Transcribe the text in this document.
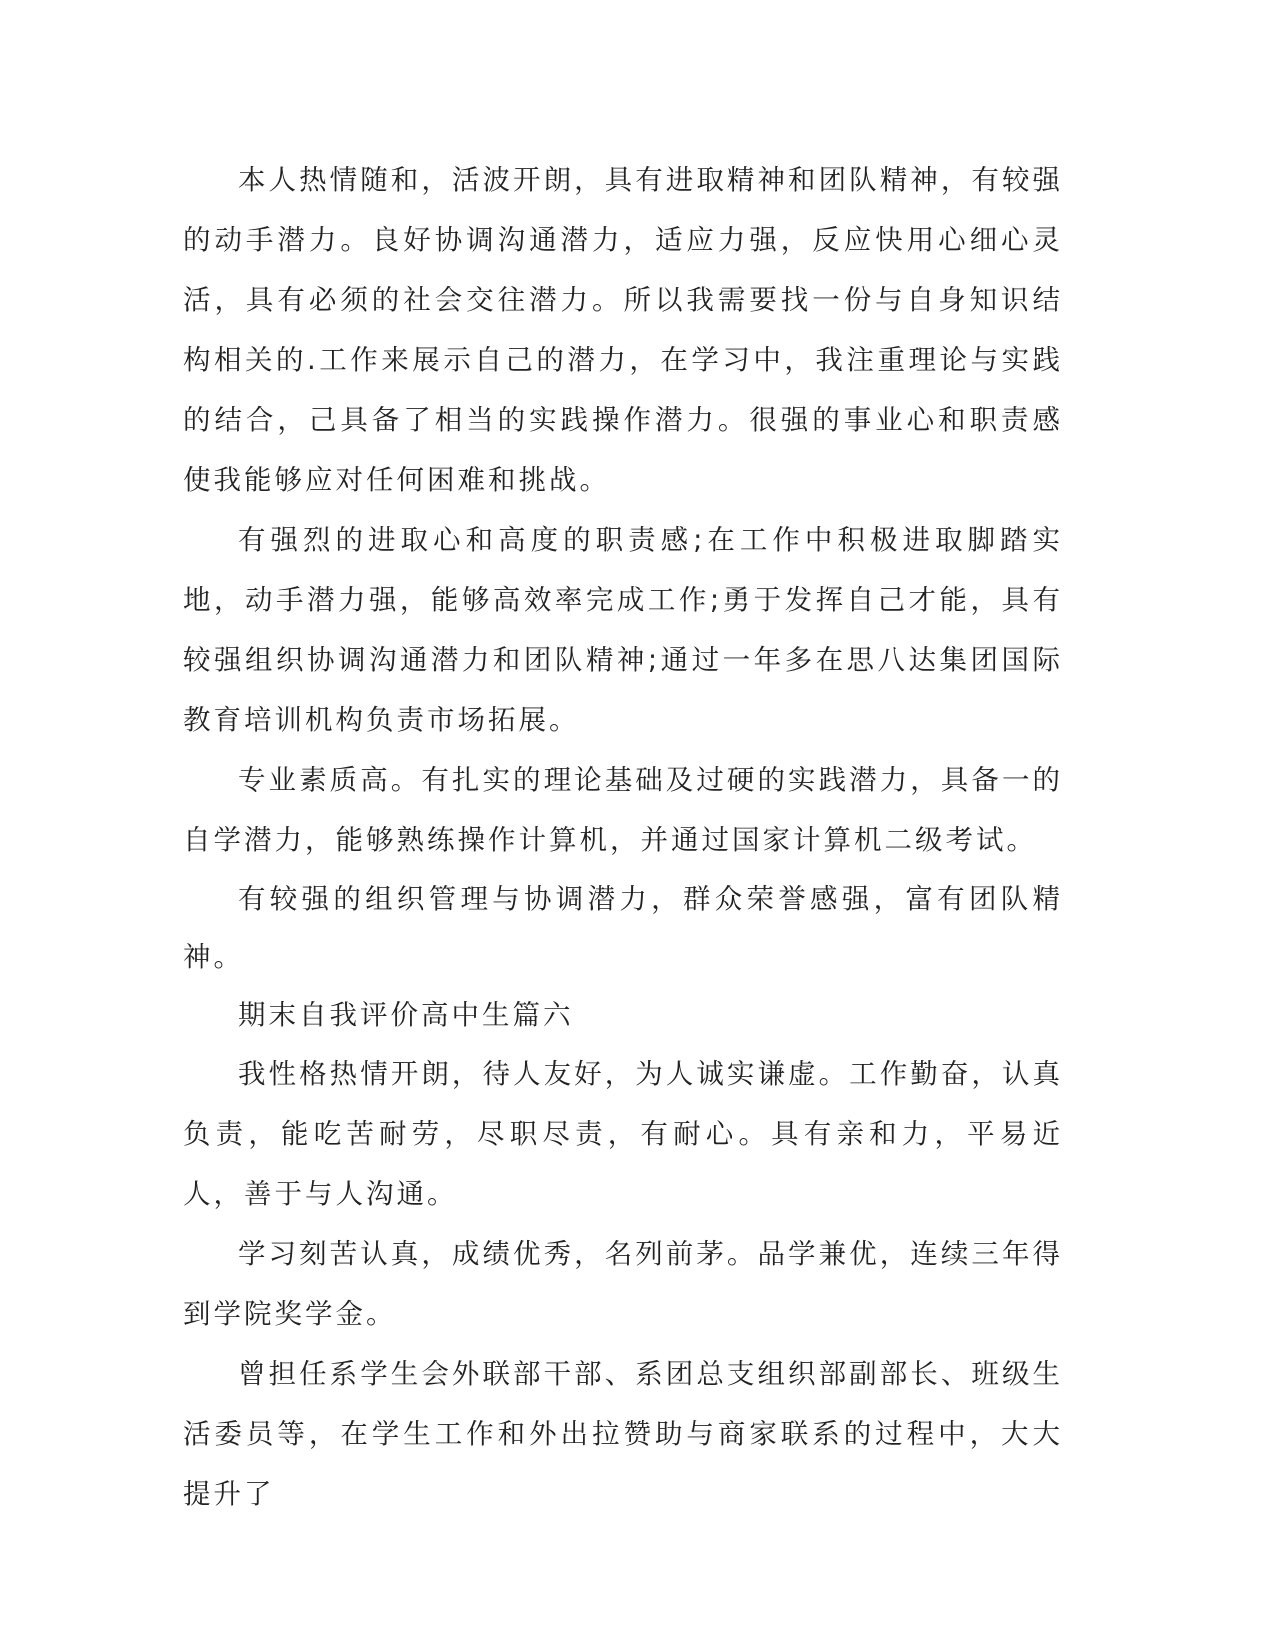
本人热情随和，活波开朗，具有进取精神和团队精神，有较强的动手潜力。良好协调沟通潜力，适应力强，反应快用心细心灵活，具有必须的社会交往潜力。所以我需要找一份与自身知识结构相关的.工作来展示自己的潜力，在学习中，我注重理论与实践的结合，己具备了相当的实践操作潜力。很强的事业心和职责感使我能够应对任何困难和挑战。

有强烈的进取心和高度的职责感;在工作中积极进取脚踏实地，动手潜力强，能够高效率完成工作;勇于发挥自己才能，具有较强组织协调沟通潜力和团队精神;通过一年多在思八达集团国际教育培训机构负责市场拓展。

专业素质高。有扎实的理论基础及过硬的实践潜力，具备一的自学潜力，能够熟练操作计算机，并通过国家计算机二级考试。

有较强的组织管理与协调潜力，群众荣誉感强，富有团队精神。

期末自我评价高中生篇六

我性格热情开朗，待人友好，为人诚实谦虚。工作勤奋，认真负责，能吃苦耐劳，尽职尽责，有耐心。具有亲和力，平易近人，善于与人沟通。

学习刻苦认真，成绩优秀，名列前茅。品学兼优，连续三年得到学院奖学金。

曾担任系学生会外联部干部、系团总支组织部副部长、班级生活委员等，在学生工作和外出拉赞助与商家联系的过程中，大大提升了
